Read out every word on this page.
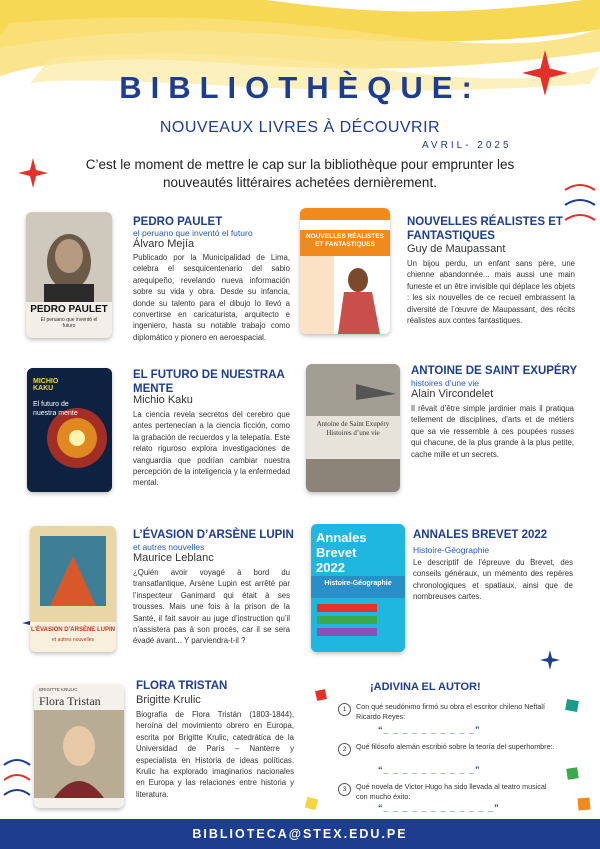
BIBLIOTHÈQUE:
NOUVEAUX LIVRES À DÉCOUVRIR
AVRIL- 2025
C’est le moment de mettre le cap sur la bibliothèque pour emprunter les nouveautés littéraires achetées dernièrement.
PEDRO PAULET
El peruano que inventó el futuro
PEDRO PAULET
el peruano que inventó el futuro
Álvaro Mejía
Publicado por la Municipalidad de Lima, celebra el sesquicentenario del sabio arequipeño, revelando nueva información sobre su vida y obra. Desde su infancia, donde su talento para el dibujo lo llevó a convertirse en caricaturista, arquitecto e ingeniero, hasta su notable trabajo como diplomático y pionero en aeroespacial.
NOUVELLES RÉALISTES ET FANTASTIQUES
NOUVELLES RÉALISTES ET FANTASTIQUES
Guy de Maupassant
Un bijou perdu, un enfant sans père, une chienne abandonnée... mais aussi une main funeste et un être invisible qui déplace les objets : les six nouvelles de ce recueil embrassent la diversité de l’œuvre de Maupassant, des récits réalistes aux contes fantastiques.
MICHIO KAKU
El futuro de nuestra mente
EL FUTURO DE NUESTRAA MENTE
Michio Kaku
La ciencia revela secretos del cerebro que antes pertenecían a la ciencia ficción, como la grabación de recuerdos y la telepatía. Este relato riguroso explora investigaciones de vanguardia que podrían cambiar nuestra percepción de la inteligencia y la enfermedad mental.
Antoine de Saint Exupéry Histoires d’une vie
ANTOINE DE SAINT EXUPÉRY
histoires d’une vie
Alain Vircondelet
Il rêvait d’être simple jardinier mais il pratiqua tellement de disciplines, d’arts et de métiers que sa vie ressemble à ces poupées russes qui chacune, de la plus grande à la plus petite, cache mille et un secrets.
L’ÉVASION D’ARSÈNE LUPIN
et autres nouvelles
L’ÉVASION D’ARSÈNE LUPIN
et autres nouvelles
Maurice Leblanc
¿Quién avoir voyagé à bord du transatlantique, Arsène Lupin est arrêté par l’inspecteur Ganimard qui était à ses trousses. Mais une fois à la prison de la Santé, il fait savoir au juge d’instruction qu’il n’assistera pas à son procès, car il se sera évadé avant... Y parviendra-t-il ?
Annales Brevet 2022
Histoire-Géographie
ANNALES BREVET 2022
Histoire-Géographie
Le descriptif de l’épreuve du Brevet, des conseils généraux, un mémento des repères chronologiques et spatiaux, ainsi que de nombreuses cartes.
BRIGITTE KRULIC
Flora Tristan
FLORA TRISTAN
Brigitte Krulic
Biografía de Flora Tristán (1803-1844), heroína del movimiento obrero en Europa, escrita por Brigitte Krulic, catedrática de la Universidad de París – Nanterre y especialista en Historia de ideas políticas. Krulic ha explorado imaginarios nacionales en Europa y las relaciones entre historia y literatura.
¡ADIVINA EL AUTOR!
1	Con qué seudónimo firmó su obra el escritor chileno Neftalí Ricardo Reyes:
“_ _ _ _ _ _ _ _ _ _”
2	Qué filósofo alemán escribió sobre la teoría del superhombre:.
“_ _ _ _ _ _ _ _ _ _”
3	Qué novela de Victor Hugo ha sido llevada al teatro musical con mucho éxito:
“_ _ _ _ _ _ _ _ _ _ _ _”
BIBLIOTECA@STEX.EDU.PE
